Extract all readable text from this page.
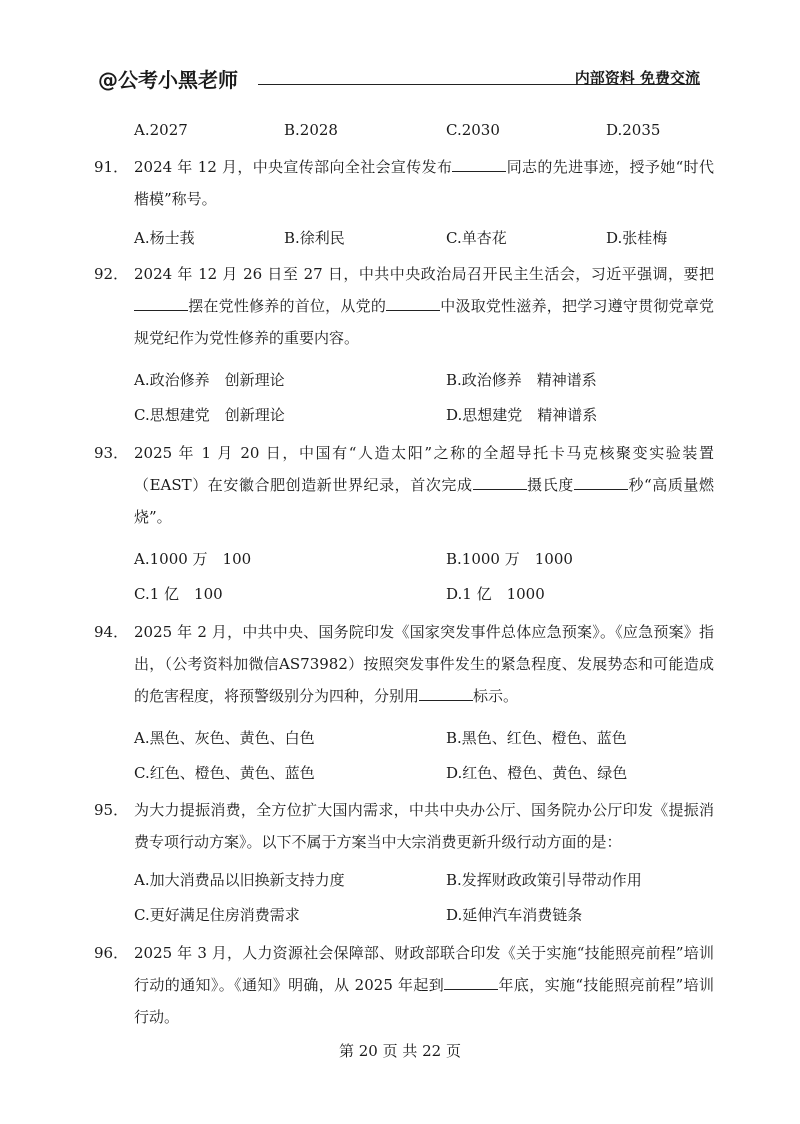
@公考小黑老师	内部资料 免费交流
A.2027	B.2028	C.2030	D.2035
91． 2024 年 12 月，中央宣传部向全社会宣传发布	同志的先进事迹，授予她“时代楷模”称号。
A.杨士莪	B.徐利民	C.单杏花	D.张桂梅
92． 2024 年 12 月 26 日至 27 日，中共中央政治局召开民主生活会，习近平强调，要把摆在党性修养的首位，从党的	中汲取党性滋养，把学习遵守贯彻党章党规党纪作为党性修养的重要内容。
A.政治修养　创新理论	B.政治修养　精神谱系
C.思想建党　创新理论	D.思想建党　精神谱系
93． 2025 年 1 月 20 日，中国有“人造太阳”之称的全超导托卡马克核聚变实验装置（EAST）在安徽合肥创造新世界纪录，首次完成	摄氏度	秒“高质量燃烧”。
A.1000 万　100	B.1000 万　1000
C.1 亿　100	D.1 亿　1000
94． 2025 年 2 月，中共中央、国务院印发《国家突发事件总体应急预案》。《应急预案》指出，（公考资料加微信AS73982）按照突发事件发生的紧急程度、发展势态和可能造成的危害程度，将预警级别分为四种，分别用	标示。
A.黑色、灰色、黄色、白色	B.黑色、红色、橙色、蓝色
C.红色、橙色、黄色、蓝色	D.红色、橙色、黄色、绿色
95． 为大力提振消费，全方位扩大国内需求，中共中央办公厅、国务院办公厅印发《提振消费专项行动方案》。以下不属于方案当中大宗消费更新升级行动方面的是：
A.加大消费品以旧换新支持力度	B.发挥财政政策引导带动作用
C.更好满足住房消费需求	D.延伸汽车消费链条
96． 2025 年 3 月，人力资源社会保障部、财政部联合印发《关于实施“技能照亮前程”培训行动的通知》。《通知》明确，从 2025 年起到	年底，实施“技能照亮前程”培训行动。
第 20 页 共 22 页
